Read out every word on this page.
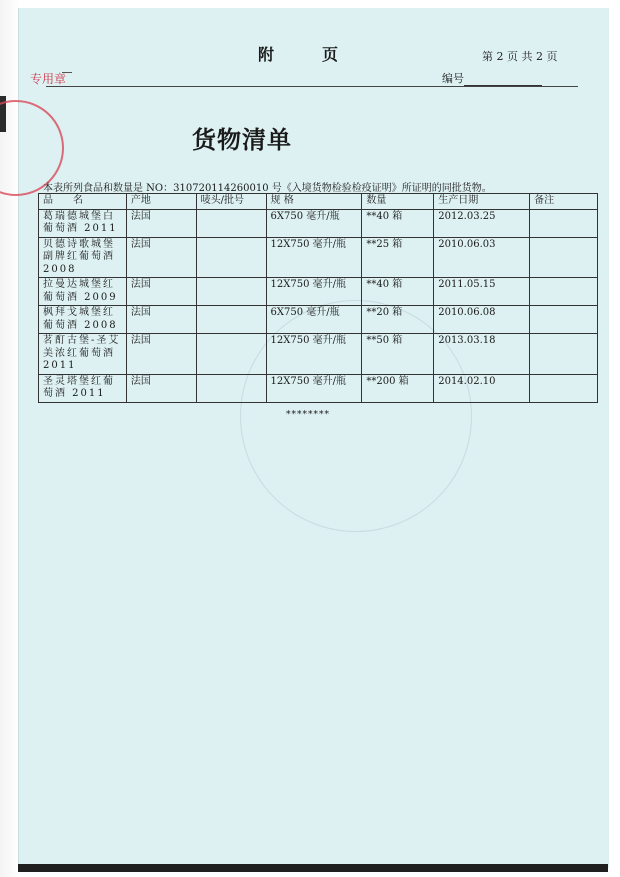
专用章
附页	第 2 页 共 2 页
编号
货物清单
本表所列食品和数量是 NO：310720114260010 号《入境货物检验检疫证明》所证明的同批货物。
品　　名	产地	唛头/批号	规 格	数量	生产日期	备注
葛瑞德城堡白葡萄酒 2011	法国		6X750 毫升/瓶	**40 箱	2012.03.25	
贝德诗歌城堡副牌红葡萄酒 2008	法国		12X750 毫升/瓶	**25 箱	2010.06.03	
拉曼达城堡红葡萄酒 2009	法国		12X750 毫升/瓶	**40 箱	2011.05.15	
枫拜戈城堡红葡萄酒 2008	法国		6X750 毫升/瓶	**20 箱	2010.06.08	
茗酊古堡-圣艾美浓红葡萄酒 2011	法国		12X750 毫升/瓶	**50 箱	2013.03.18	
圣灵塔堡红葡萄酒 2011	法国		12X750 毫升/瓶	**200 箱	2014.02.10	
********
